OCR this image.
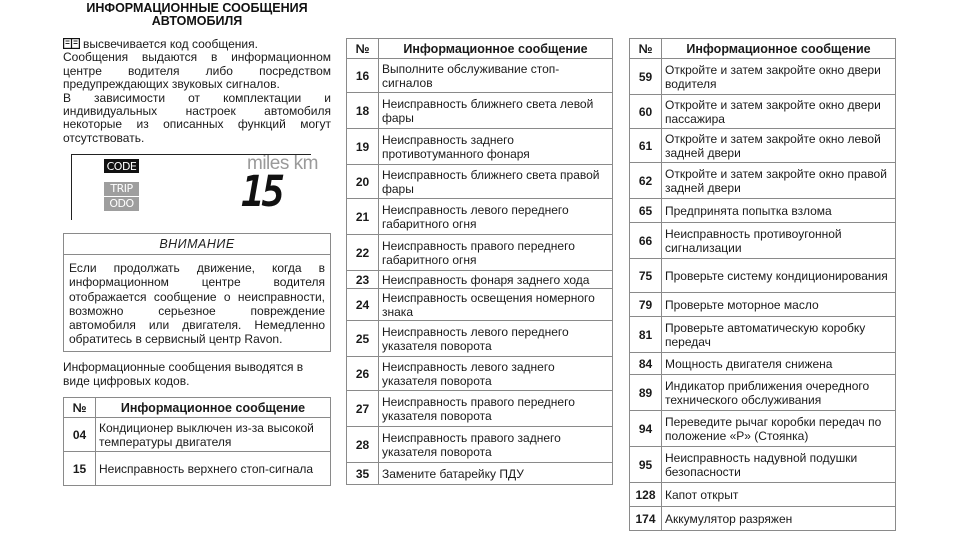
ИНФОРМАЦИОННЫЕ СООБЩЕНИЯ
АВТОМОБИЛЯ

высвечивается код сообщения.

Сообщения выдаются в информационном центре водителя либо посредством предупреждающих звуковых сигналов.

В зависимости от комплектации и индивидуальных настроек автомобиля некоторые из описанных функций могут отсутствовать.

CODE
TRIP
ODO
miles km
15
ВНИМАНИЕ
Если продолжать движение, когда в информационном центре водителя отображается сообщение о неисправности, возможно серьезное повреждение автомобиля или двигателя. Немедленно обратитесь в сервисный центр Ravon.
Информационные сообщения выводятся в виде цифровых кодов.
№	Информационное сообщение
04	Кондиционер выключен из-за высокой температуры двигателя
15	Неисправность верхнего стоп-сигнала
№	Информационное сообщение
16	Выполните обслуживание стоп-сигналов
18	Неисправность ближнего света левой фары
19	Неисправность заднего противотуманного фонаря
20	Неисправность ближнего света правой фары
21	Неисправность левого переднего габаритного огня
22	Неисправность правого переднего габаритного огня
23	Неисправность фонаря заднего хода
24	Неисправность освещения номерного знака
25	Неисправность левого переднего указателя поворота
26	Неисправность левого заднего указателя поворота
27	Неисправность правого переднего указателя поворота
28	Неисправность правого заднего указателя поворота
35	Замените батарейку ПДУ
№	Информационное сообщение
59	Откройте и затем закройте окно двери водителя
60	Откройте и затем закройте окно двери пассажира
61	Откройте и затем закройте окно левой задней двери
62	Откройте и затем закройте окно правой задней двери
65	Предпринята попытка взлома
66	Неисправность противоугонной сигнализации
75	Проверьте систему кондиционирования
79	Проверьте моторное масло
81	Проверьте автоматическую коробку передач
84	Мощность двигателя снижена
89	Индикатор приближения очередного технического обслуживания
94	Переведите рычаг коробки передач по положение «P» (Стоянка)
95	Неисправность надувной подушки безопасности
128	Капот открыт
174	Аккумулятор разряжен
